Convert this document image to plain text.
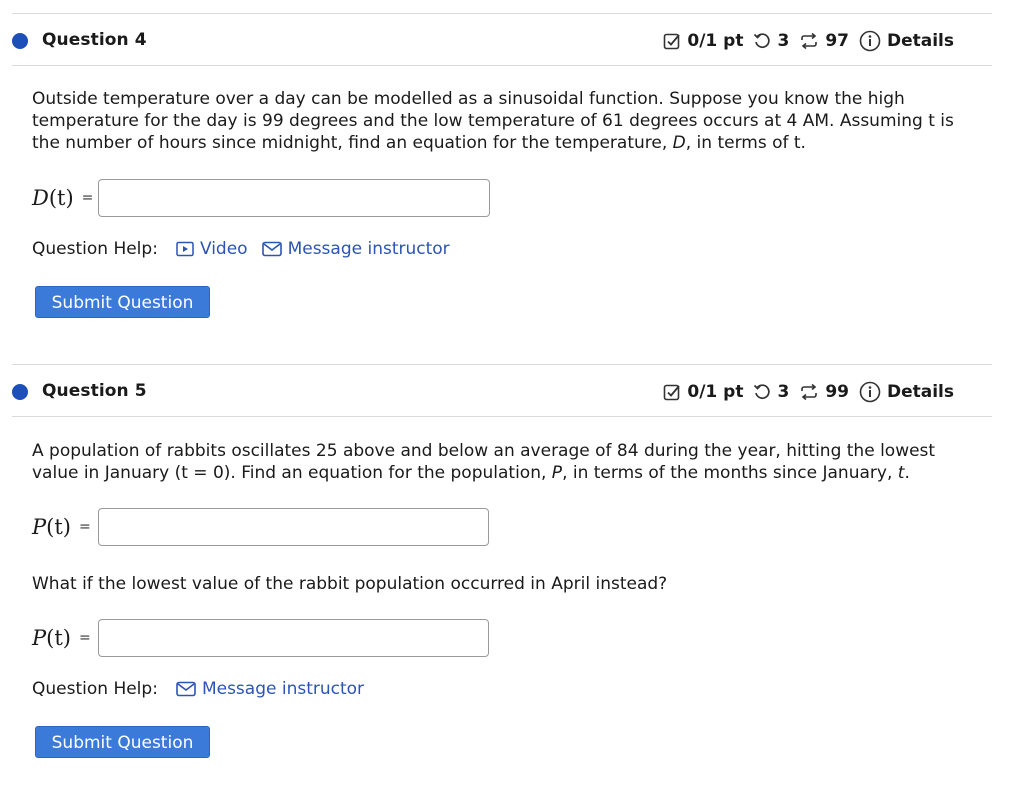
Question 4	0/1 pt 3 97 Details
Outside temperature over a day can be modelled as a sinusoidal function. Suppose you know the high temperature for the day is 99 degrees and the low temperature of 61 degrees occurs at 4 AM. Assuming t is the number of hours since midnight, find an equation for the temperature, D, in terms of t.
D(t) =
Question Help: Video Message instructor
Submit Question
Question 5	0/1 pt 3 99 Details
A population of rabbits oscillates 25 above and below an average of 84 during the year, hitting the lowest value in January (t = 0). Find an equation for the population, P, in terms of the months since January, t.
P(t) =
What if the lowest value of the rabbit population occurred in April instead?
P(t) =
Question Help:	Message instructor
Submit Question
